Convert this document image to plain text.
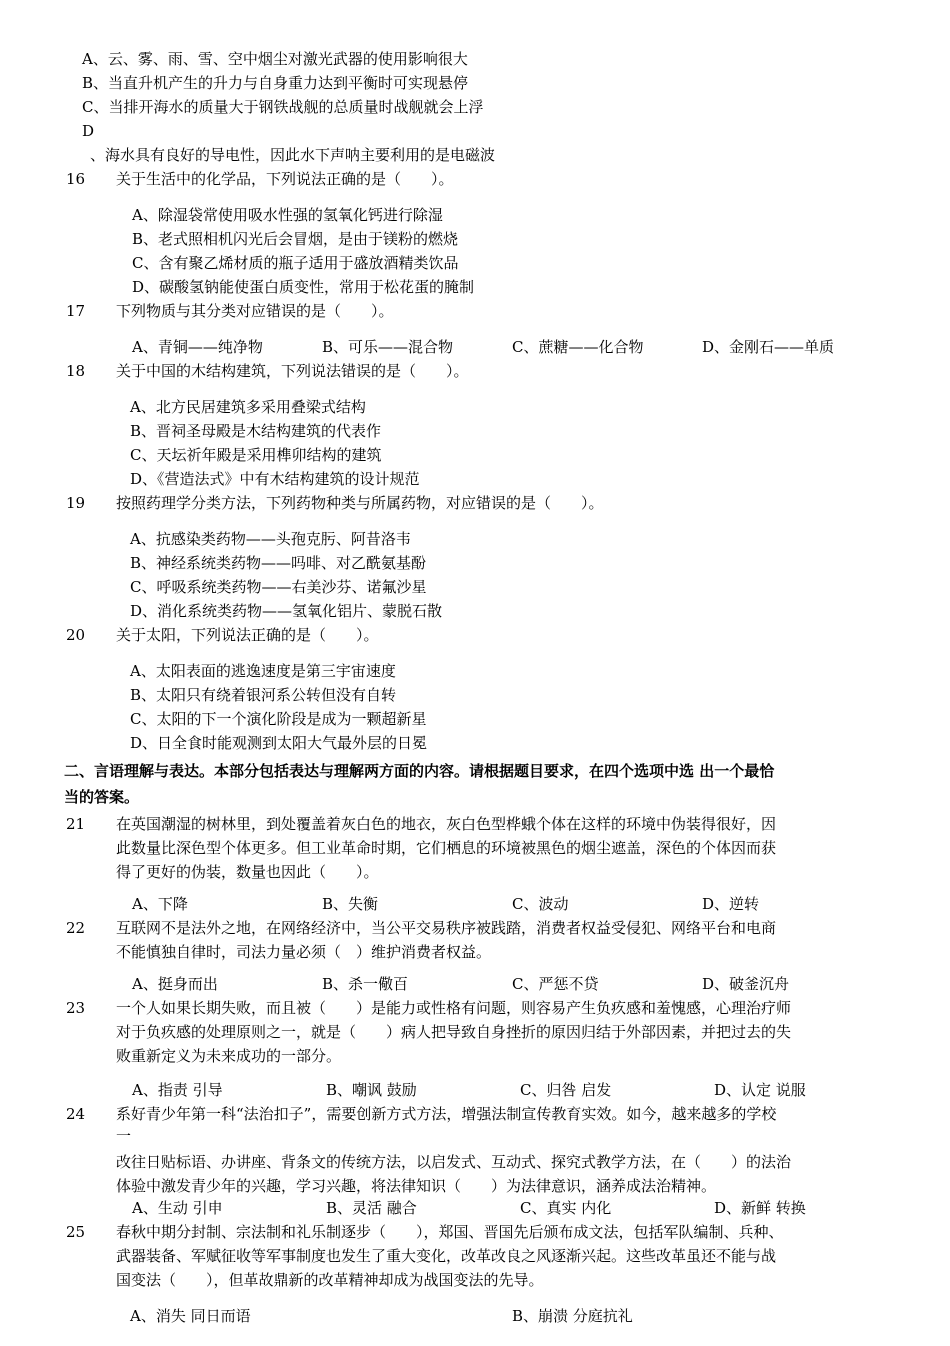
A、云、雾、雨、雪、空中烟尘对激光武器的使用影响很大
B、当直升机产生的升力与自身重力达到平衡时可实现悬停
C、当排开海水的质量大于钢铁战舰的总质量时战舰就会上浮
D
、海水具有良好的导电性，因此水下声呐主要利用的是电磁波
16 关于生活中的化学品，下列说法正确的是（　　）。
A、除湿袋常使用吸水性强的氢氧化钙进行除湿
B、老式照相机闪光后会冒烟，是由于镁粉的燃烧
C、含有聚乙烯材质的瓶子适用于盛放酒精类饮品
D、碳酸氢钠能使蛋白质变性，常用于松花蛋的腌制
17 下列物质与其分类对应错误的是（　　）。
A、青铜——纯净物	B、可乐——混合物	C、蔗糖——化合物	D、金刚石——单质
18 关于中国的木结构建筑，下列说法错误的是（　　）。
A、北方民居建筑多采用叠梁式结构
B、晋祠圣母殿是木结构建筑的代表作
C、天坛祈年殿是采用榫卯结构的建筑
D、《营造法式》中有木结构建筑的设计规范
19 按照药理学分类方法，下列药物种类与所属药物，对应错误的是（　　）。
A、抗感染类药物——头孢克肟、阿昔洛韦
B、神经系统类药物——吗啡、对乙酰氨基酚
C、呼吸系统类药物——右美沙芬、诺氟沙星
D、消化系统类药物——氢氧化铝片、蒙脱石散
20 关于太阳，下列说法正确的是（　　）。
A、太阳表面的逃逸速度是第三宇宙速度
B、太阳只有绕着银河系公转但没有自转
C、太阳的下一个演化阶段是成为一颗超新星
D、日全食时能观测到太阳大气最外层的日冕
二、言语理解与表达。本部分包括表达与理解两方面的内容。请根据题目要求，在四个选项中选 出一个最恰
当的答案。
21 在英国潮湿的树林里，到处覆盖着灰白色的地衣，灰白色型桦蛾个体在这样的环境中伪装得很好，因
此数量比深色型个体更多。但工业革命时期，它们栖息的环境被黑色的烟尘遮盖，深色的个体因而获
得了更好的伪装，数量也因此（　　）。
A、下降	B、失衡	C、波动	D、逆转
22 互联网不是法外之地，在网络经济中，当公平交易秩序被践踏，消费者权益受侵犯、网络平台和电商
不能慎独自律时，司法力量必须（　）维护消费者权益。
A、挺身而出	B、杀一儆百	C、严惩不贷	D、破釜沉舟
23 一个人如果长期失败，而且被（　　）是能力或性格有问题，则容易产生负疚感和羞愧感，心理治疗师
对于负疚感的处理原则之一，就是（　　）病人把导致自身挫折的原因归结于外部因素，并把过去的失
败重新定义为未来成功的一部分。
A、指责 引导	B、嘲讽 鼓励	C、归咎 启发	D、认定 说服
24 系好青少年第一科“法治扣子”，需要创新方式方法，增强法制宣传教育实效。如今，越来越多的学校
一
改往日贴标语、办讲座、背条文的传统方法，以启发式、互动式、探究式教学方法，在（　　）的法治
体验中激发青少年的兴趣，学习兴趣，将法律知识（　　）为法律意识，涵养成法治精神。
A、生动 引申	B、灵活 融合	C、真实 内化	D、新鲜 转换
25 春秋中期分封制、宗法制和礼乐制逐步（　　），郑国、晋国先后颁布成文法，包括军队编制、兵种、
武器装备、军赋征收等军事制度也发生了重大变化，改革改良之风逐渐兴起。这些改革虽还不能与战
国变法（　　），但革故鼎新的改革精神却成为战国变法的先导。
A、消失 同日而语	B、崩溃 分庭抗礼
